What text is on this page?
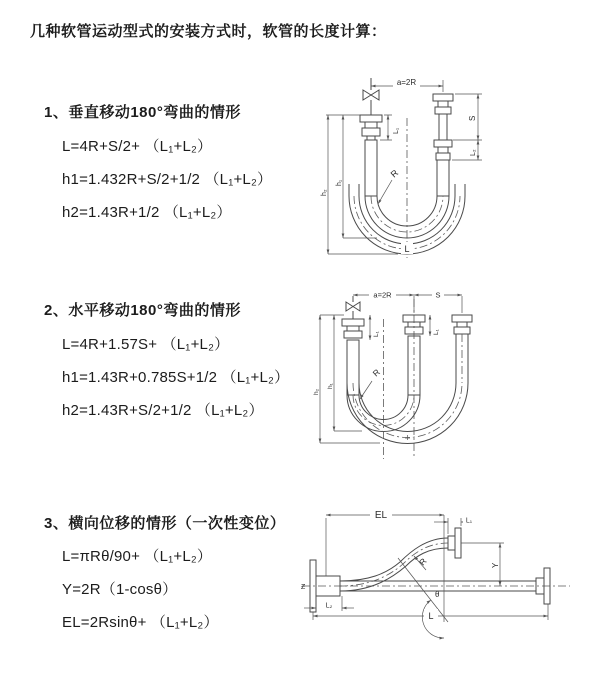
几种软管运动型式的安装方式时，软管的长度计算：
1、垂直移动180°弯曲的情形
L=4R+S/2+ （L₁+L₂）
h1=1.432R+S/2+1/2 （L₁+L₂）
h2=1.43R+1/2 （L₁+L₂）
2、水平移动180°弯曲的情形
L=4R+1.57S+ （L₁+L₂）
h1=1.43R+0.785S+1/2 （L₁+L₂）
h2=1.43R+S/2+1/2 （L₁+L₂）
3、横向位移的情形（一次性变位）
L=πRθ/90+ （L₁+L₂）
Y=2R（1-cosθ）
EL=2Rsinθ+ （L₁+L₂）
a=2R
S
L₂
L₁
h₁
h₂
R
L
a=2R	S
h₁
h₂
L₁	L₁
R
θ
R
EL	L₁
Y
L
L₂
Ƶ
